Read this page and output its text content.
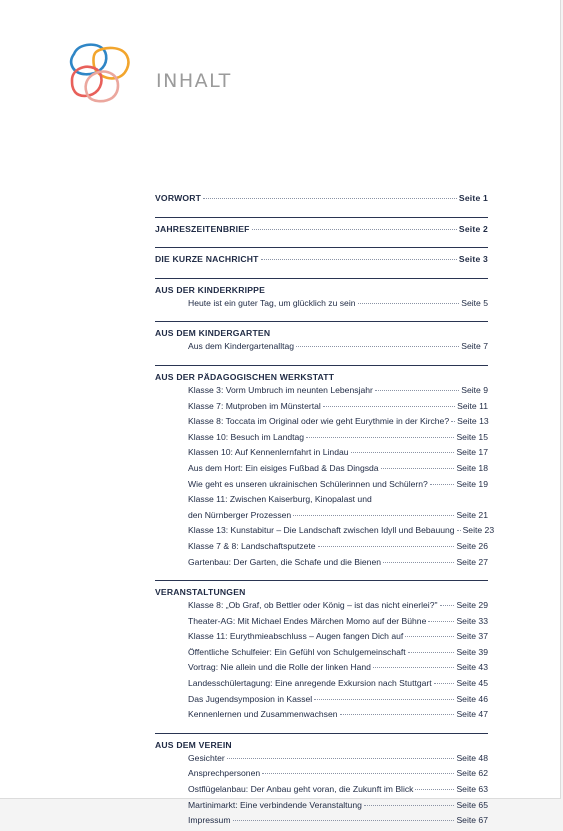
INHALT
VORWORT	Seite 1
JAHRESZEITENBRIEF	Seite 2
DIE KURZE NACHRICHT	Seite 3
AUS DER KINDERKRIPPE
Heute ist ein guter Tag, um glücklich zu sein	Seite 5
AUS DEM KINDERGARTEN
Aus dem Kindergartenalltag	Seite 7
AUS DER PÄDAGOGISCHEN WERKSTATT
Klasse 3: Vorm Umbruch im neunten Lebensjahr	Seite 9
Klasse 7: Mutproben im Münstertal	Seite 11
Klasse 8: Toccata im Original oder wie geht Eurythmie in der Kirche? Seite 13
Klasse 10: Besuch im Landtag	Seite 15
Klassen 10: Auf Kennenlernfahrt in Lindau	Seite 17
Aus dem Hort: Ein eisiges Fußbad & Das Dingsda	Seite 18
Wie geht es unseren ukrainischen Schülerinnen und Schülern?	Seite 19
Klasse 11: Zwischen Kaiserburg, Kinopalast und
den Nürnberger Prozessen	Seite 21
Klasse 13: Kunstabitur – Die Landschaft zwischen Idyll und Bebauung Seite 23
Klasse 7 & 8: Landschaftsputzete	Seite 26
Gartenbau: Der Garten, die Schafe und die Bienen	Seite 27
VERANSTALTUNGEN
Klasse 8: „Ob Graf, ob Bettler oder König – ist das nicht einerlei?" Seite 29
Theater-AG: Mit Michael Endes Märchen Momo auf der Bühne	Seite 33
Klasse 11: Eurythmieabschluss – Augen fangen Dich auf	Seite 37
Öffentliche Schulfeier: Ein Gefühl von Schulgemeinschaft	Seite 39
Vortrag: Nie allein und die Rolle der linken Hand	Seite 43
Landesschülertagung: Eine anregende Exkursion nach Stuttgart	Seite 45
Das Jugendsymposion in Kassel	Seite 46
Kennenlernen und Zusammenwachsen	Seite 47
AUS DEM VEREIN
Gesichter	Seite 48
Ansprechpersonen	Seite 62
Ostflügelanbau: Der Anbau geht voran, die Zukunft im Blick	Seite 63
Martinimarkt: Eine verbindende Veranstaltung	Seite 65
Impressum	Seite 67
